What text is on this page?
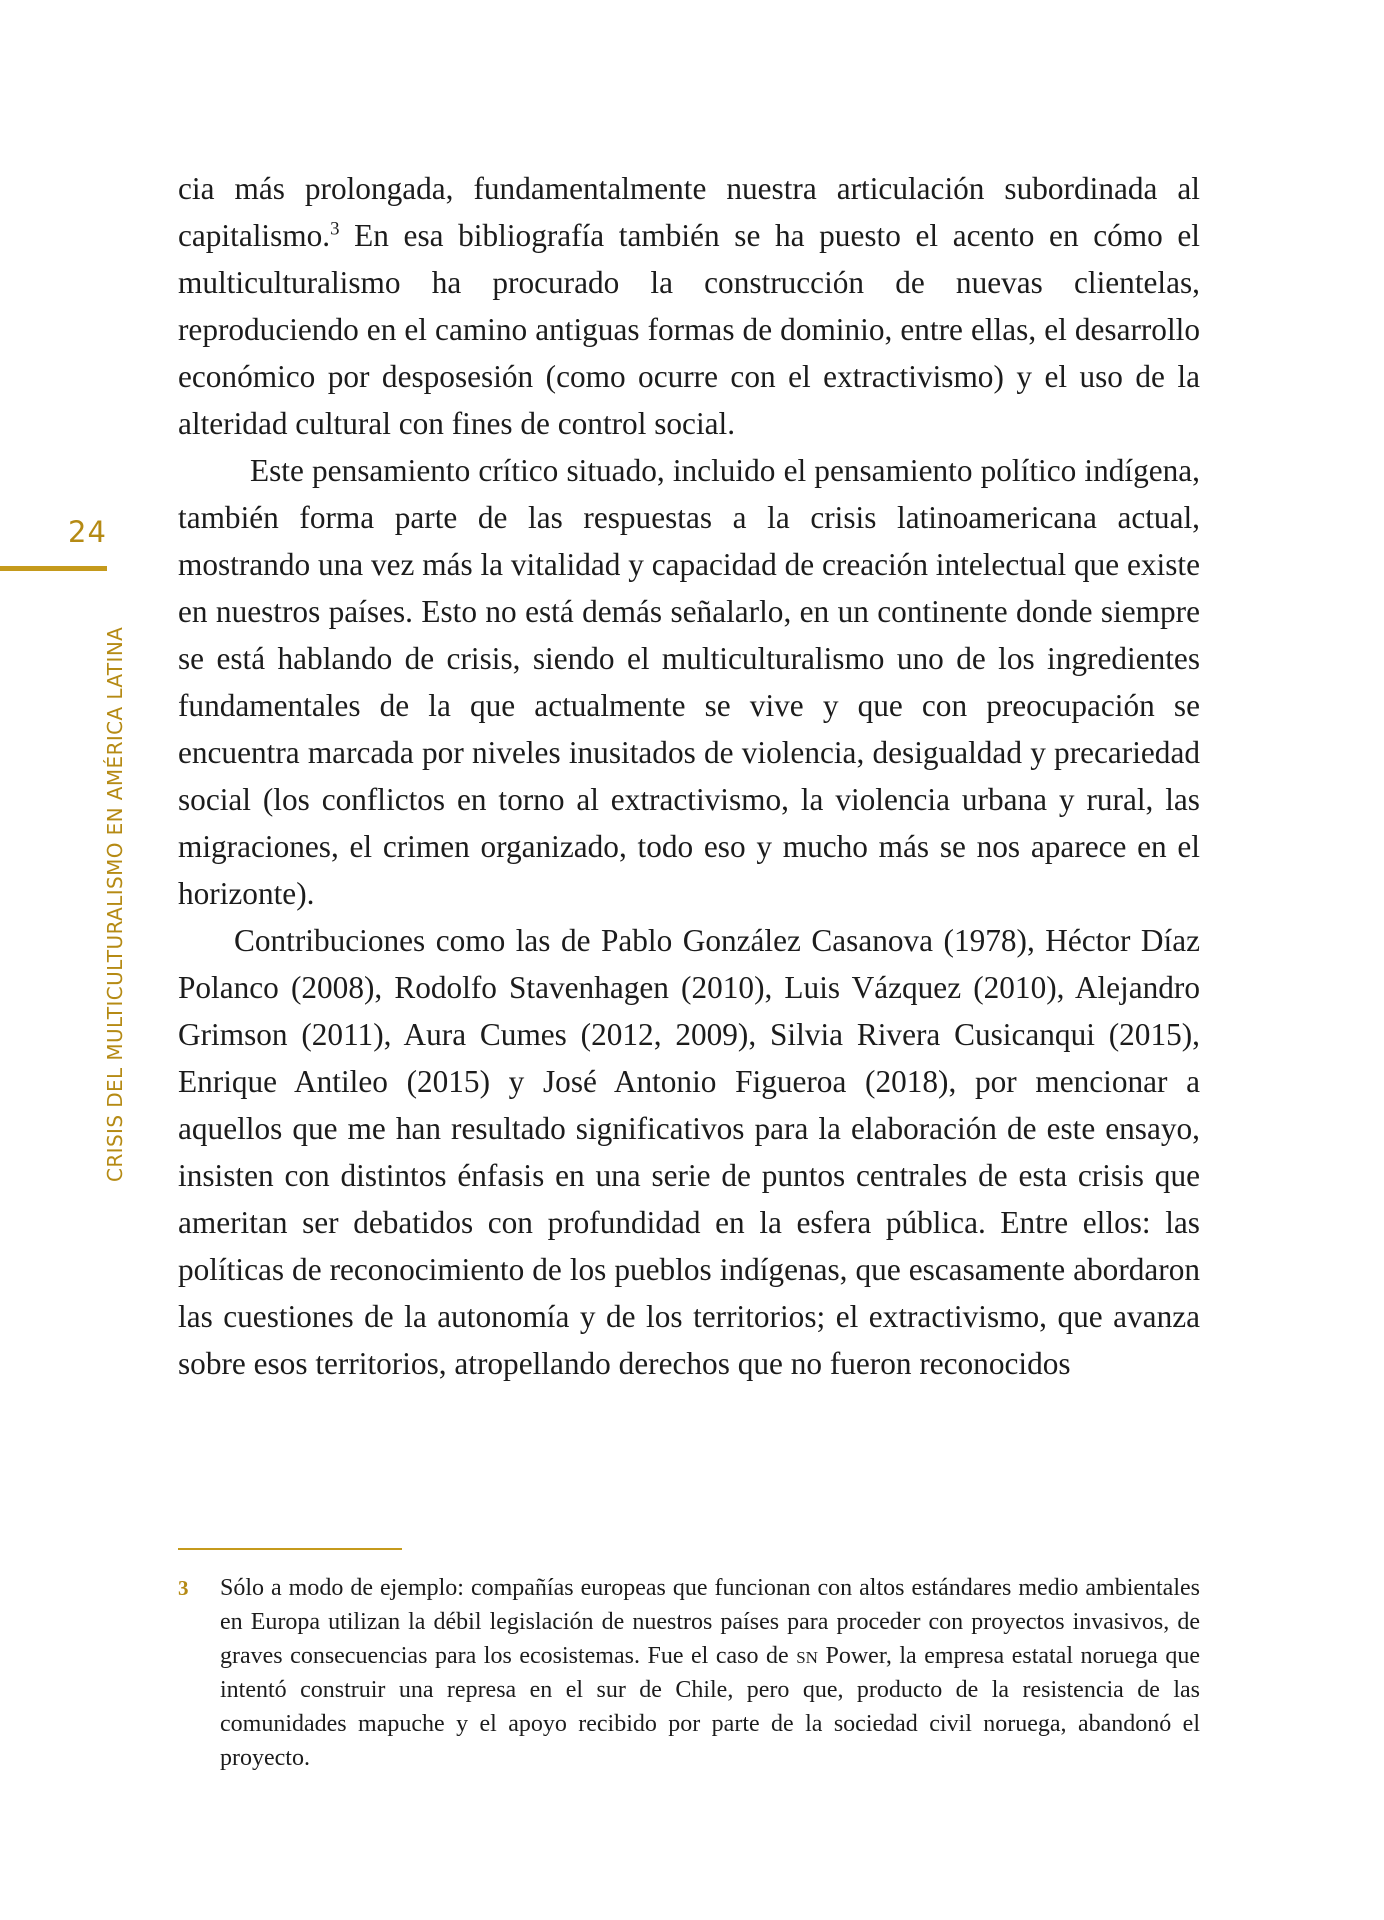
24
CRISIS DEL MULTICULTURALISMO EN AMÉRICA LATINA

cia más prolongada, fundamentalmente nuestra articulación subordinada al capitalismo.$^3$ En esa bibliografía también se ha puesto el acento en cómo el multiculturalismo ha procurado la construcción de nuevas clientelas, reproduciendo en el camino antiguas formas de dominio, entre ellas, el desarrollo económico por desposesión (como ocurre con el extractivismo) y el uso de la alteridad cultural con fines de control social.

Este pensamiento crítico situado, incluido el pensamiento político indígena, también forma parte de las respuestas a la crisis latinoamericana actual, mostrando una vez más la vitalidad y capacidad de creación intelectual que existe en nuestros países. Esto no está demás señalarlo, en un continente donde siempre se está hablando de crisis, siendo el multiculturalismo uno de los ingredientes fundamentales de la que actualmente se vive y que con preocupación se encuentra marcada por niveles inusitados de violencia, desigualdad y precariedad social (los conflictos en torno al extractivismo, la violencia urbana y rural, las migraciones, el crimen organizado, todo eso y mucho más se nos aparece en el horizonte).

Contribuciones como las de Pablo González Casanova (1978), Héctor Díaz Polanco (2008), Rodolfo Stavenhagen (2010), Luis Vázquez (2010), Alejandro Grimson (2011), Aura Cumes (2012, 2009), Silvia Rivera Cusicanqui (2015), Enrique Antileo (2015) y José Antonio Figueroa (2018), por mencionar a aquellos que me han resultado significativos para la elaboración de este ensayo, insisten con distintos énfasis en una serie de puntos centrales de esta crisis que ameritan ser debatidos con profundidad en la esfera pública. Entre ellos: las políticas de reconocimiento de los pueblos indígenas, que escasamente abordaron las cuestiones de la autonomía y de los territorios; el extractivismo, que avanza sobre esos territorios, atropellando derechos que no fueron reconocidos

3 Sólo a modo de ejemplo: compañías europeas que funcionan con altos estándares medio ambientales en Europa utilizan la débil legislación de nuestros países para proceder con proyectos invasivos, de graves consecuencias para los ecosistemas. Fue el caso de sn Power, la empresa estatal noruega que intentó construir una represa en el sur de Chile, pero que, producto de la resistencia de las comunidades mapuche y el apoyo recibido por parte de la sociedad civil noruega, abandonó el proyecto.
